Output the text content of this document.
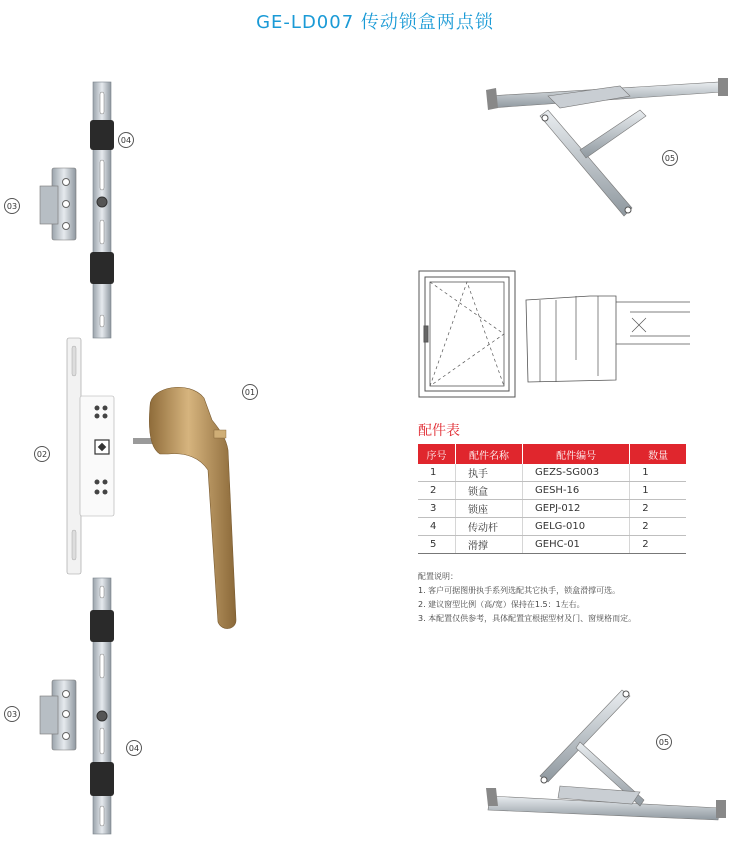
GE-LD007 传动锁盒两点锁
04
03
01
02
03
04
05
05
配件表
序号	配件名称	配件编号	数量
1	执手	GEZS-SG003	1
2	锁盒	GESH-16	1
3	锁座	GEPJ-012	2
4	传动杆	GELG-010	2
5	滑撑	GEHC-01	2
配置说明：
1. 客户可据图册执手系列选配其它执手，锁盒滑撑可选。
2. 建议窗型比例（高/宽）保持在1.5：1左右。
3. 本配置仅供参考，具体配置宜根据型材及门、窗规格而定。
